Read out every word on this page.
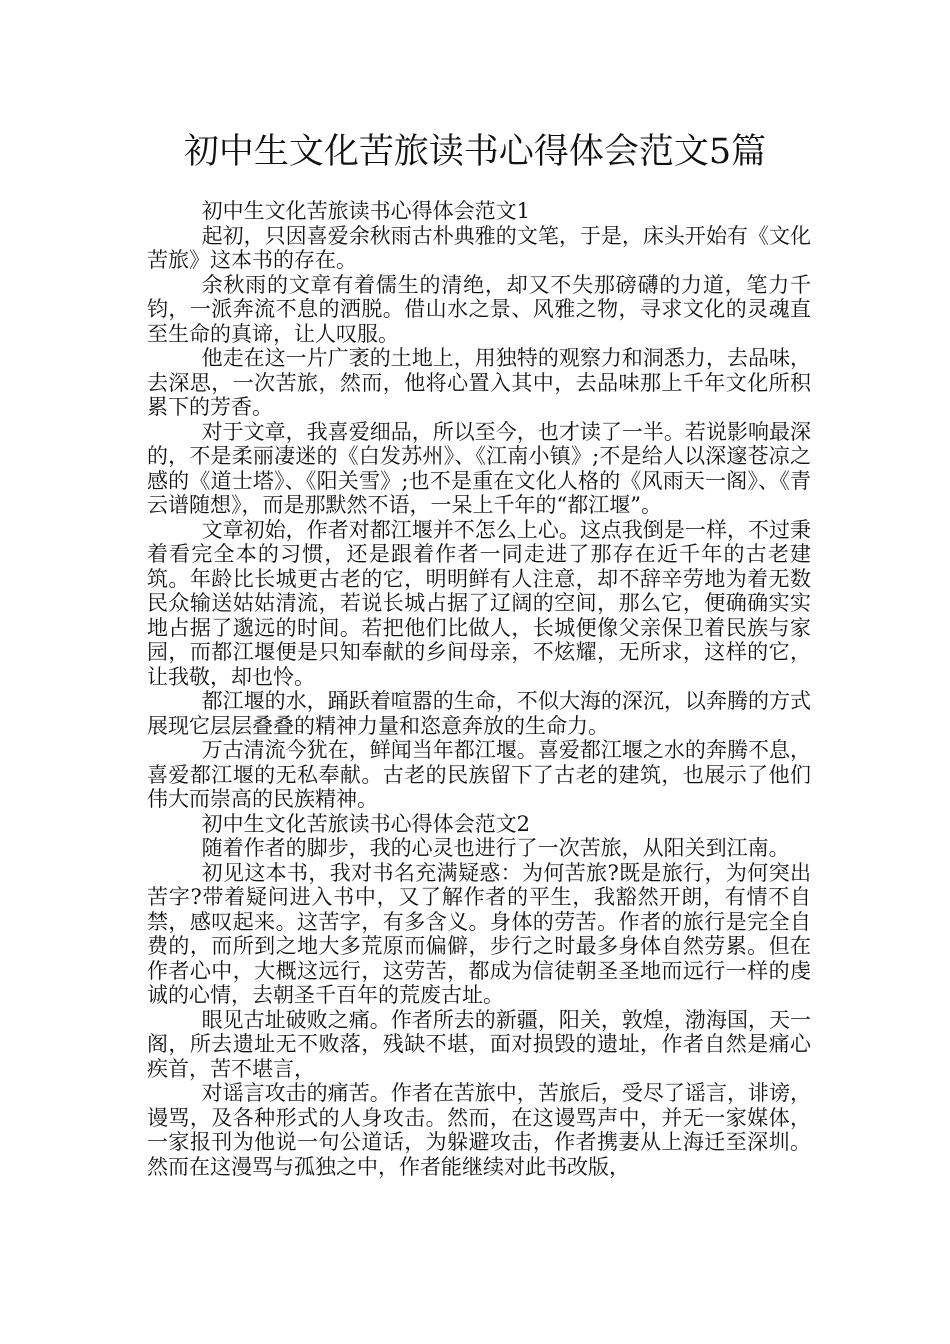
初中生文化苦旅读书心得体会范文5篇

初中生文化苦旅读书心得体会范文1

起初，只因喜爱余秋雨古朴典雅的文笔，于是，床头开始有《文化苦旅》这本书的存在。

余秋雨的文章有着儒生的清绝，却又不失那磅礴的力道，笔力千钧，一派奔流不息的洒脱。借山水之景、风雅之物，寻求文化的灵魂直至生命的真谛，让人叹服。

他走在这一片广袤的土地上，用独特的观察力和洞悉力，去品味，去深思，一次苦旅，然而，他将心置入其中，去品味那上千年文化所积累下的芳香。

对于文章，我喜爱细品，所以至今，也才读了一半。若说影响最深的，不是柔丽凄迷的《白发苏州》、《江南小镇》;不是给人以深邃苍凉之感的《道士塔》、《阳关雪》;也不是重在文化人格的《风雨天一阁》、《青云谱随想》，而是那默然不语，一呆上千年的“都江堰”。

文章初始，作者对都江堰并不怎么上心。这点我倒是一样，不过秉着看完全本的习惯，还是跟着作者一同走进了那存在近千年的古老建筑。年龄比长城更古老的它，明明鲜有人注意，却不辞辛劳地为着无数民众输送姑姑清流，若说长城占据了辽阔的空间，那么它，便确确实实地占据了邈远的时间。若把他们比做人，长城便像父亲保卫着民族与家园，而都江堰便是只知奉献的乡间母亲，不炫耀，无所求，这样的它，让我敬，却也怜。

都江堰的水，踊跃着喧嚣的生命，不似大海的深沉，以奔腾的方式展现它层层叠叠的精神力量和恣意奔放的生命力。

万古清流今犹在，鲜闻当年都江堰。喜爱都江堰之水的奔腾不息，喜爱都江堰的无私奉献。古老的民族留下了古老的建筑，也展示了他们伟大而崇高的民族精神。

初中生文化苦旅读书心得体会范文2

随着作者的脚步，我的心灵也进行了一次苦旅，从阳关到江南。

初见这本书，我对书名充满疑惑：为何苦旅?既是旅行，为何突出苦字?带着疑问进入书中，又了解作者的平生，我豁然开朗，有情不自禁，感叹起来。这苦字，有多含义。身体的劳苦。作者的旅行是完全自费的，而所到之地大多荒原而偏僻，步行之时最多身体自然劳累。但在作者心中，大概这远行，这劳苦，都成为信徒朝圣圣地而远行一样的虔诚的心情，去朝圣千百年的荒废古址。

眼见古址破败之痛。作者所去的新疆，阳关，敦煌，渤海国，天一阁，所去遗址无不败落，残缺不堪，面对损毁的遗址，作者自然是痛心疾首，苦不堪言，

对谣言攻击的痛苦。作者在苦旅中，苦旅后，受尽了谣言，诽谤，谩骂，及各种形式的人身攻击。然而，在这谩骂声中，并无一家媒体，一家报刊为他说一句公道话，为躲避攻击，作者携妻从上海迁至深圳。然而在这漫骂与孤独之中，作者能继续对此书改版，
